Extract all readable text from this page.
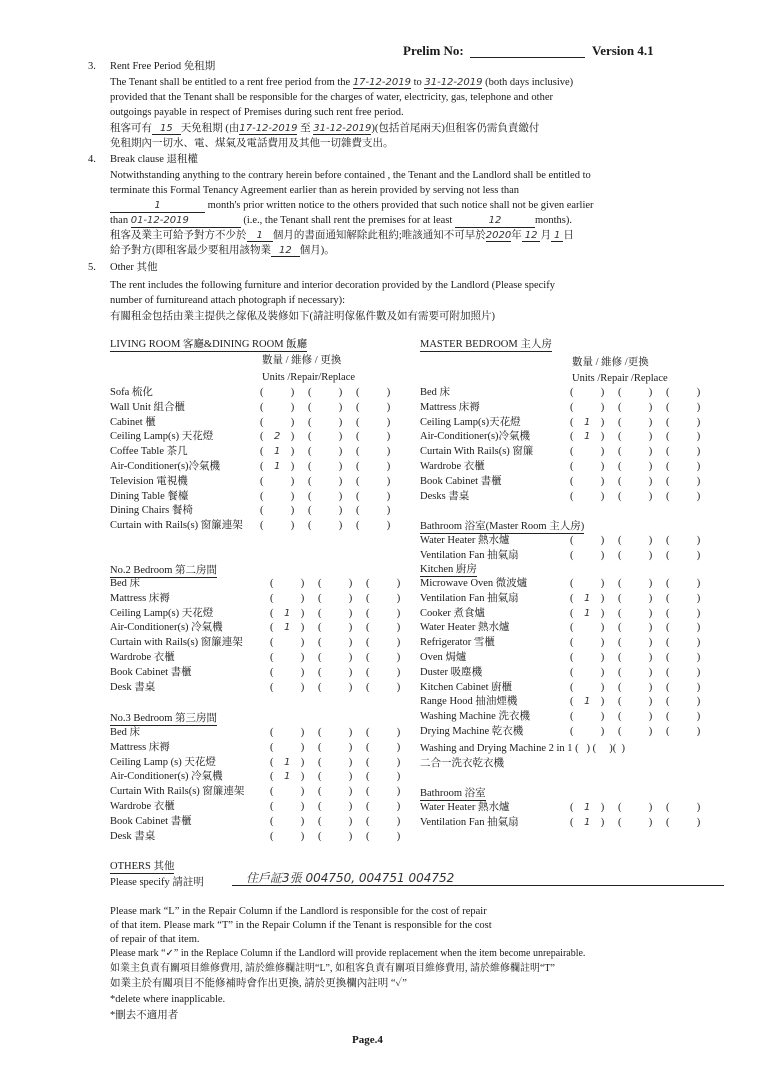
Prelim No:	Version 4.1
3. Rent Free Period 免租期
The Tenant shall be entitled to a rent free period from the 17-12-2019 to 31-12-2019 (both days inclusive)
provided that the Tenant shall be responsible for the charges of water, electricity, gas, telephone and other
outgoings payable in respect of Premises during such rent free period.
租客可有 15 天免租期 (由17-12-2019 至 31-12-2019)(包括首尾兩天)但租客仍需負責繳付
免租期內一切水、電、煤氣及電話費用及其他一切雜費支出。
4. Break clause 退租權
Notwithstanding anything to the contrary herein before contained , the Tenant and the Landlord shall be entitled to
terminate this Formal Tenancy Agreement earlier than as herein provided by serving not less than
1	month's prior written notice to the others provided that such notice shall not be given earlier
than 01-12-2019	(i.e., the Tenant shall rent the premises for at least	12	months).
租客及業主可給予對方不少於 1 個月的書面通知解除此租約;唯該通知不可早於2020年 12 月 1 日
給予對方(即租客最少要租用該物業 12 個月)。
5. Other 其他
The rent includes the following furniture and interior decoration provided by the Landlord (Please specify
number of furnitureand attach photograph if necessary):
有關租金包括由業主提供之傢俬及裝修如下(請註明傢俬件數及如有需要可附加照片)
LIVING ROOM 客廳&DINING ROOM 飯廳
數量 / 維修 / 更換
Units /Repair/Replace
Sofa 梳化	(  )	(  )	(  )
Wall Unit 組合櫃	(  )	(  )	(  )
Cabinet 櫃	(  )	(  )	(  )
Ceiling Lamp(s) 天花燈	( 2 )	(  )	(  )
Coffee Table 茶几	( 1 )	(  )	(  )
Air-Conditioner(s)冷氣機	( 1 )	(  )	(  )
Television 電視機	(  )	(  )	(  )
Dining Table 餐檯	(  )	(  )	(  )
Dining Chairs 餐椅	(  )	(  )	(  )
Curtain with Rails(s) 窗簾連架	(  )	(  )	(  )
No.2 Bedroom 第二房間
Bed 床	(  )	(  )	(  )
Mattress 床褥	(  )	(  )	(  )
Ceiling Lamp(s) 天花燈	( 1 )	(  )	(  )
Air-Conditioner(s) 冷氣機	( 1 )	(  )	(  )
Curtain with Rails(s) 窗簾連架	(  )	(  )	(  )
Wardrobe 衣櫃	(  )	(  )	(  )
Book Cabinet 書櫃	(  )	(  )	(  )
Desk 書桌	(  )	(  )	(  )
No.3 Bedroom 第三房間
Bed 床	(  )	(  )	(  )
Mattress 床褥	(  )	(  )	(  )
Ceiling Lamp (s) 天花燈	( 1 )	(  )	(  )
Air-Conditioner(s) 冷氣機	( 1 )	(  )	(  )
Curtain With Rails(s) 窗簾連架	(  )	(  )	(  )
Wardrobe 衣櫃	(  )	(  )	(  )
Book Cabinet 書櫃	(  )	(  )	(  )
Desk 書桌	(  )	(  )	(  )
MASTER BEDROOM 主人房
數量 / 維修 /更換
Units /Repair /Replace
Bed 床	(  )	(  )	(  )
Mattress 床褥	(  )	(  )	(  )
Ceiling Lamp(s)天花燈	( 1 )	(  )	(  )
Air-Conditioner(s)冷氣機	( 1 )	(  )	(  )
Curtain With Rails(s) 窗簾	(  )	(  )	(  )
Wardrobe 衣櫃	(  )	(  )	(  )
Book Cabinet 書櫃	(  )	(  )	(  )
Desks 書桌	(  )	(  )	(  )
Bathroom 浴室(Master Room 主人房)
Water Heater 熱水爐	(  )	(  )	(  )
Ventilation Fan 抽氣扇	(  )	(  )	(  )
Kitchen 廚房
Microwave Oven 微波爐	(  )	(  )	(  )
Ventilation Fan 抽氣扇	( 1 )	(  )	(  )
Cooker 煮食爐	( 1 )	(  )	(  )
Water Heater 熱水爐	(  )	(  )	(  )
Refrigerator 雪櫃	(  )	(  )	(  )
Oven 焗爐	(  )	(  )	(  )
Duster 吸塵機	(  )	(  )	(  )
Kitchen Cabinet 廚櫃	(  )	(  )	(  )
Range Hood 抽油煙機	( 1 )	(  )	(  )
Washing Machine 洗衣機	(  )	(  )	(  )
Drying Machine 乾衣機	(  )	(  )	(  )
Washing and Drying Machine 2 in 1 (   ) (     )(  )
二合一洗衣乾衣機
Bathroom 浴室
Water Heater 熱水爐	( 1 )	(  )	(  )
Ventilation Fan 抽氣扇	( 1 )	(  )	(  )
OTHERS 其他
Please specify 請註明	住戶証3張 004750, 004751 004752
Please mark “L” in the Repair Column if the Landlord is responsible for the cost of repair
of that item. Please mark “T” in the Repair Column if the Tenant is responsible for the cost
of repair of that item.
Please mark “✓” in the Replace Column if the Landlord will provide replacement when the item become unrepairable.
如業主負責有關項目維修費用, 請於維修欄註明“L”, 如租客負責有關項目維修費用, 請於維修欄註明“T”
如業主於有關項目不能修補時會作出更換, 請於更換欄內註明 “✓”
*delete where inapplicable.
*刪去不適用者
Page.4
